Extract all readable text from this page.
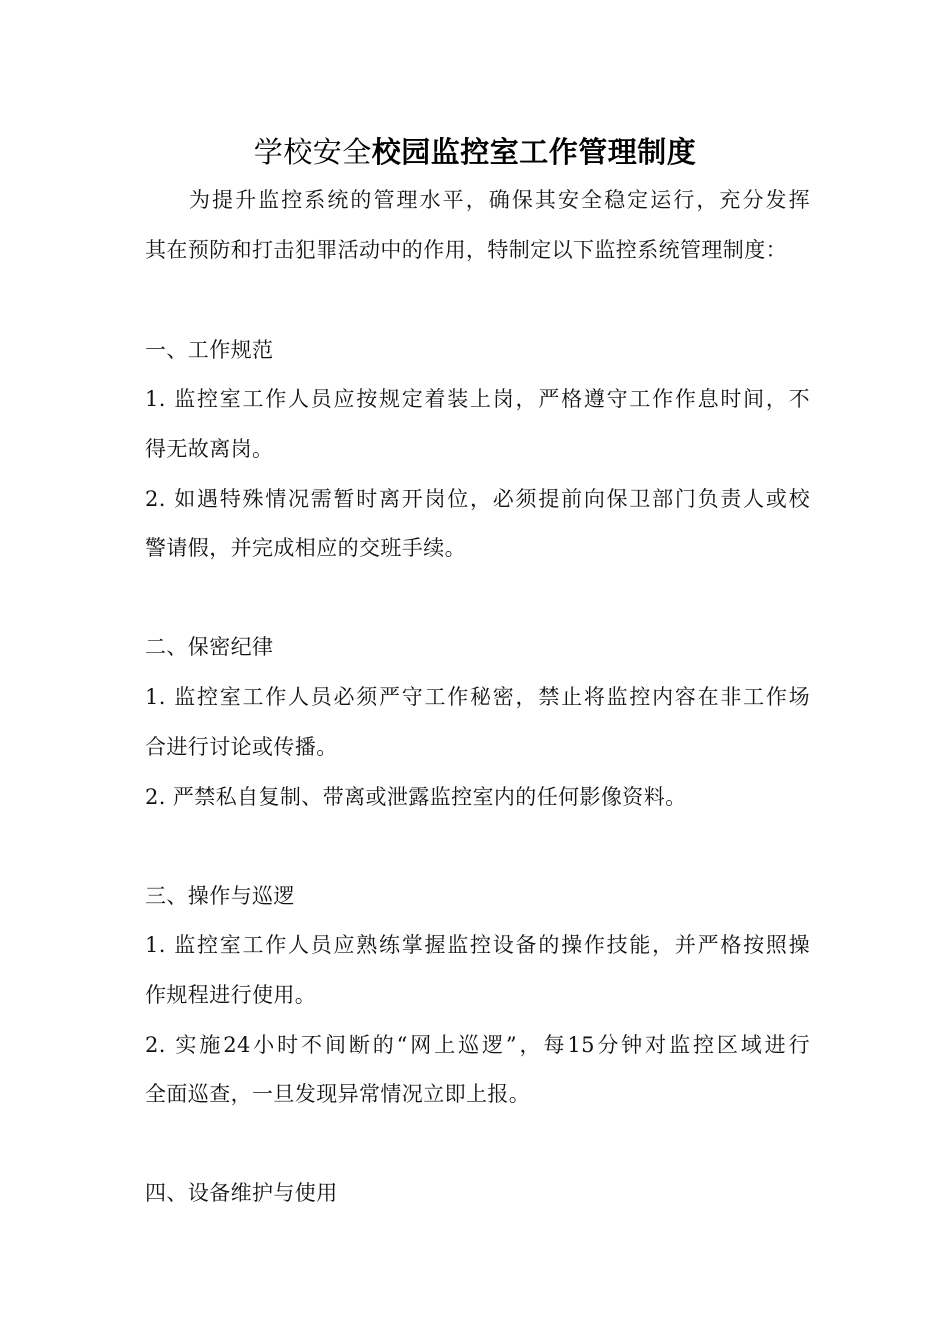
学校安全校园监控室工作管理制度
为提升监控系统的管理水平，确保其安全稳定运行，充分发挥
其在预防和打击犯罪活动中的作用，特制定以下监控系统管理制度：
一、工作规范
1. 监控室工作人员应按规定着装上岗，严格遵守工作作息时间，不
得无故离岗。
2. 如遇特殊情况需暂时离开岗位，必须提前向保卫部门负责人或校
警请假，并完成相应的交班手续。
二、保密纪律
1. 监控室工作人员必须严守工作秘密，禁止将监控内容在非工作场
合进行讨论或传播。
2. 严禁私自复制、带离或泄露监控室内的任何影像资料。
三、操作与巡逻
1. 监控室工作人员应熟练掌握监控设备的操作技能，并严格按照操
作规程进行使用。
2. 实施24小时不间断的“网上巡逻”，每15分钟对监控区域进行
全面巡查，一旦发现异常情况立即上报。
四、设备维护与使用
